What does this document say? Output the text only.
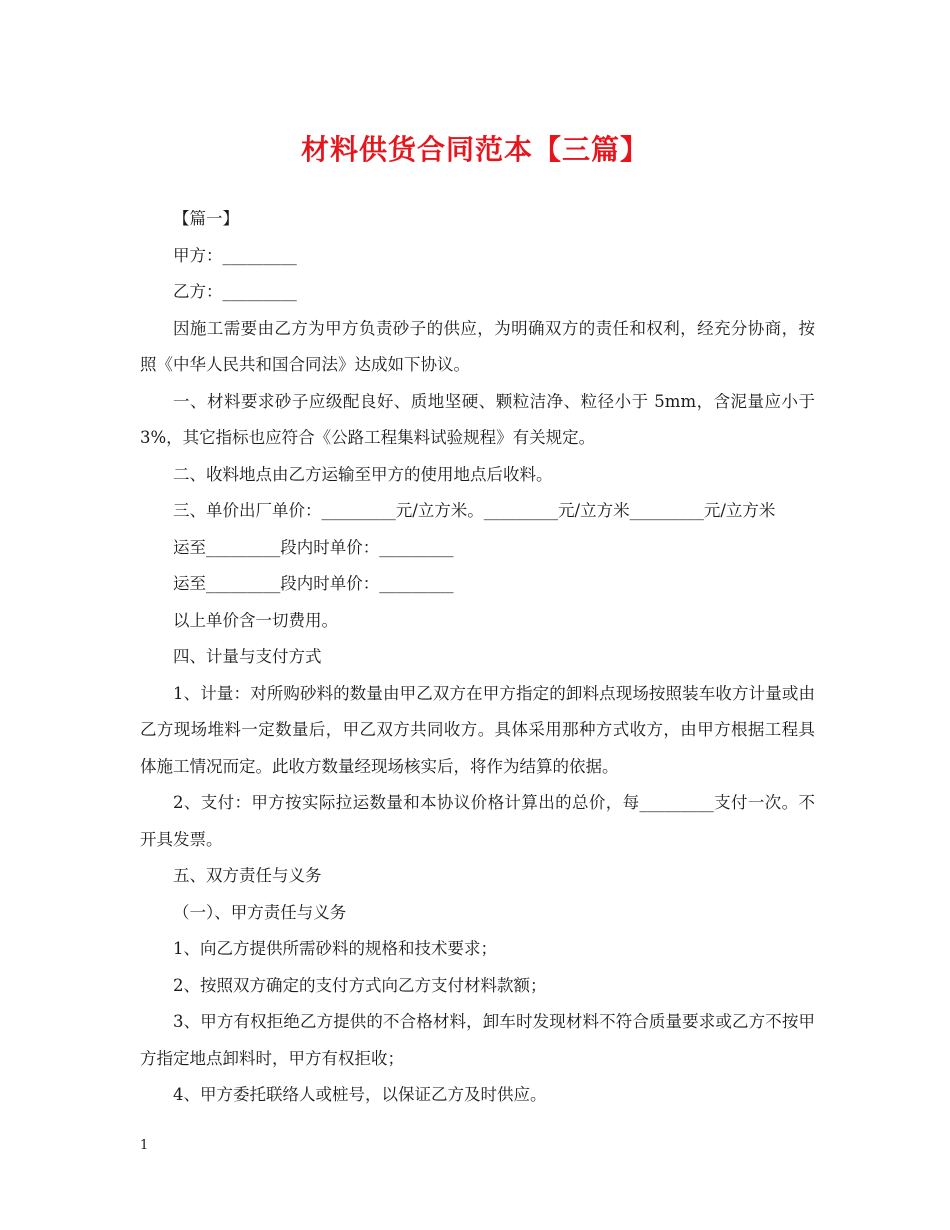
材料供货合同范本【三篇】

【篇一】

甲方：_________

乙方：_________

因施工需要由乙方为甲方负责砂子的供应，为明确双方的责任和权利，经充分协商，按照《中华人民共和国合同法》达成如下协议。

一、材料要求砂子应级配良好、质地坚硬、颗粒洁净、粒径小于 5mm，含泥量应小于 3%，其它指标也应符合《公路工程集料试验规程》有关规定。

二、收料地点由乙方运输至甲方的使用地点后收料。

三、单价出厂单价：_________元/立方米。_________元/立方米_________元/立方米

运至_________段内时单价：_________

运至_________段内时单价：_________

以上单价含一切费用。

四、计量与支付方式

1、计量：对所购砂料的数量由甲乙双方在甲方指定的卸料点现场按照装车收方计量或由乙方现场堆料一定数量后，甲乙双方共同收方。具体采用那种方式收方，由甲方根据工程具体施工情况而定。此收方数量经现场核实后，将作为结算的依据。

2、支付：甲方按实际拉运数量和本协议价格计算出的总价，每_________支付一次。不开具发票。

五、双方责任与义务

（一）、甲方责任与义务

1、向乙方提供所需砂料的规格和技术要求；

2、按照双方确定的支付方式向乙方支付材料款额；

3、甲方有权拒绝乙方提供的不合格材料，卸车时发现材料不符合质量要求或乙方不按甲方指定地点卸料时，甲方有权拒收；

4、甲方委托联络人或桩号，以保证乙方及时供应。

1
